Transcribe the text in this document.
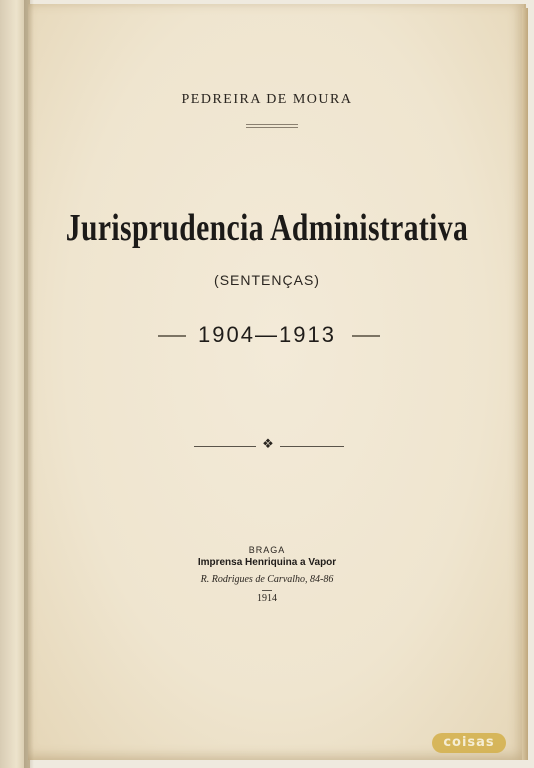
PEDREIRA DE MOURA
Jurisprudencia Administrativa
(SENTENÇAS)
1904—1913
❖
BRAGA
Imprensa Henriquina a Vapor
R. Rodrigues de Carvalho, 84-86
1914
coisas
